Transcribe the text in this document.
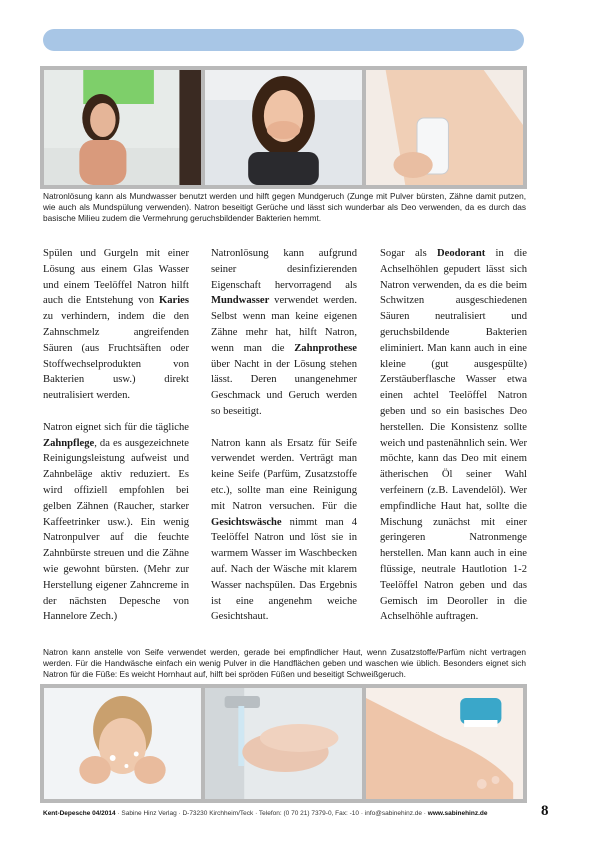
Natronlösung kann als Mundwasser benutzt werden und hilft gegen Mundgeruch (Zunge mit Pulver bürsten, Zähne damit putzen, wie auch als Mundspülung verwenden). Natron beseitigt Gerüche und lässt sich wunderbar als Deo verwenden, da es durch das basische Milieu zudem die Vermehrung geruchsbildender Bakterien hemmt.

Spülen und Gurgeln mit einer Lösung aus einem Glas Wasser und einem Teelöffel Natron hilft auch die Entstehung von Karies zu verhindern, indem die den Zahnschmelz angreifenden Säuren (aus Fruchtsäften oder Stoffwechselprodukten von Bakterien usw.) direkt neutralisiert werden.

Natron eignet sich für die tägliche Zahnpflege, da es ausgezeichnete Reinigungsleistung aufweist und Zahnbeläge aktiv reduziert. Es wird offiziell empfohlen bei gelben Zähnen (Raucher, starker Kaffeetrinker usw.). Ein wenig Natronpulver auf die feuchte Zahnbürste streuen und die Zähne wie gewohnt bürsten. (Mehr zur Herstellung eigener Zahncreme in der nächsten Depesche von Hannelore Zech.)

Natronlösung kann aufgrund seiner desinfizierenden Eigenschaft hervorragend als Mundwasser verwendet werden. Selbst wenn man keine eigenen Zähne mehr hat, hilft Natron, wenn man die Zahnprothese über Nacht in der Lösung stehen lässt. Deren unangenehmer Geschmack und Geruch werden so beseitigt.

Natron kann als Ersatz für Seife verwendet werden. Verträgt man keine Seife (Parfüm, Zusatzstoffe etc.), sollte man eine Reinigung mit Natron versuchen. Für die Gesichtswäsche nimmt man 4 Teelöffel Natron und löst sie in warmem Wasser im Waschbecken auf. Nach der Wäsche mit klarem Wasser nachspülen. Das Ergebnis ist eine angenehm weiche Gesichtshaut.

Sogar als Deodorant in die Achselhöhlen gepudert lässt sich Natron verwenden, da es die beim Schwitzen ausgeschiedenen Säuren neutralisiert und geruchsbildende Bakterien eliminiert. Man kann auch in eine kleine (gut ausgespülte) Zerstäuberflasche Wasser etwa einen achtel Teelöffel Natron geben und so ein basisches Deo herstellen. Die Konsistenz sollte weich und pastenähnlich sein. Wer möchte, kann das Deo mit einem ätherischen Öl seiner Wahl verfeinern (z.B. Lavendelöl). Wer empfindliche Haut hat, sollte die Mischung zunächst mit einer geringeren Natronmenge herstellen. Man kann auch in eine flüssige, neutrale Hautlotion 1-2 Teelöffel Natron geben und das Gemisch im Deoroller in die Achselhöhle auftragen.

Natron kann anstelle von Seife verwendet werden, gerade bei empfindlicher Haut, wenn Zusatzstoffe/Parfüm nicht vertragen werden. Für die Handwäsche einfach ein wenig Pulver in die Handflächen geben und waschen wie üblich. Besonders eignet sich Natron für die Füße: Es weicht Hornhaut auf, hilft bei spröden Füßen und beseitigt Schweißgeruch.
Kent-Depesche 04/2014 · Sabine Hinz Verlag · D-73230 Kirchheim/Teck · Telefon: (0 70 21) 7379-0, Fax: -10 · info@sabinehinz.de · www.sabinehinz.de	8
